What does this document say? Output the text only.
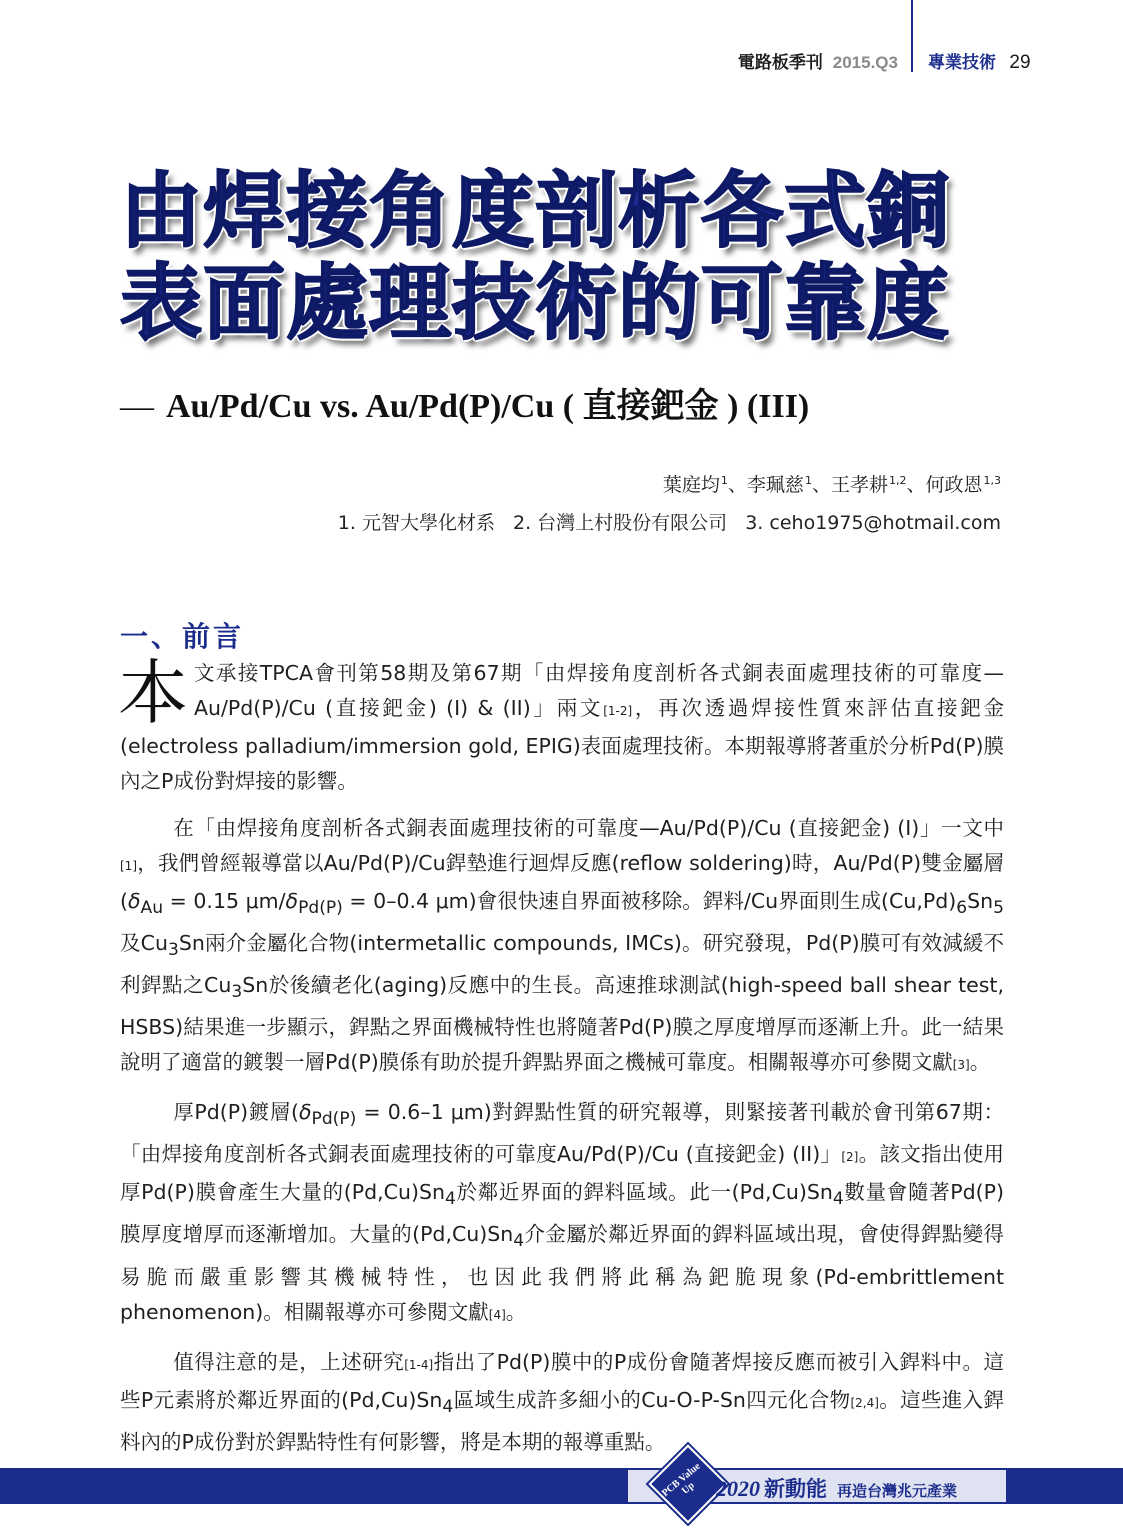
電路板季刊 2015.Q3 專業技術 29
由焊接角度剖析各式銅
表面處理技術的可靠度
— Au/Pd/Cu vs. Au/Pd(P)/Cu ( 直接鈀金 ) (III)
葉庭均$^1$、李珮慈$^1$、王孝耕$^{1,2}$、何政恩$^{1,3}$
1. 元智大學化材系 2. 台灣上村股份有限公司 3. ceho1975@hotmail.com
一、前言

本文承接TPCA會刊第58期及第67期「由焊接角度剖析各式銅表面處理技術的可靠度—Au/Pd(P)/Cu (直接鈀金) (I) & (II)」兩文[1-2]，再次透過焊接性質來評估直接鈀金(electroless palladium/immersion gold, EPIG)表面處理技術。本期報導將著重於分析Pd(P)膜內之P成份對焊接的影響。

在「由焊接角度剖析各式銅表面處理技術的可靠度—Au/Pd(P)/Cu (直接鈀金) (I)」一文中[1]，我們曾經報導當以Au/Pd(P)/Cu銲墊進行迴焊反應(reflow soldering)時，Au/Pd(P)雙金屬層($\delta_{Au} = 0.15$ $\mu m/\delta_{Pd(P)} = 0-0.4$ μm)會很快速自界面被移除。銲料/Cu界面則生成$(Cu,Pd)_6Sn_5$及$Cu_3Sn$兩介金屬化合物(intermetallic compounds, IMCs)。研究發現，Pd(P)膜可有效減緩不利銲點之$Cu_3Sn$於後續老化(aging)反應中的生長。高速推球測試(high-speed ball shear test, HSBS)結果進一步顯示，銲點之界面機械特性也將隨著Pd(P)膜之厚度增厚而逐漸上升。此一結果說明了適當的鍍製一層Pd(P)膜係有助於提升銲點界面之機械可靠度。相關報導亦可參閱文獻[3]。

厚Pd(P)鍍層($\delta_{Pd(P)} = 0.6-1$ μm)對銲點性質的研究報導，則緊接著刊載於會刊第67期：「由焊接角度剖析各式銅表面處理技術的可靠度Au/Pd(P)/Cu (直接鈀金) (II)」[2]。該文指出使用厚Pd(P)膜會產生大量的$(Pd,Cu)Sn_4$於鄰近界面的銲料區域。此一$(Pd,Cu)Sn_4$數量會隨著Pd(P)膜厚度增厚而逐漸增加。大量的$(Pd,Cu)Sn_4$介金屬於鄰近界面的銲料區域出現，會使得銲點變得易脆而嚴重影響其機械特性，也因此我們將此稱為鈀脆現象(Pd-embrittlement phenomenon)。相關報導亦可參閱文獻[4]。

值得注意的是，上述研究[1-4]指出了Pd(P)膜中的P成份會隨著焊接反應而被引入銲料中。這些P元素將於鄰近界面的$(Pd,Cu)Sn_4$區域生成許多細小的Cu-O-P-Sn四元化合物[2,4]。這些進入銲料內的P成份對於銲點特性有何影響，將是本期的報導重點。

PCB Value Up 2020 新動能 再造台灣兆元產業
